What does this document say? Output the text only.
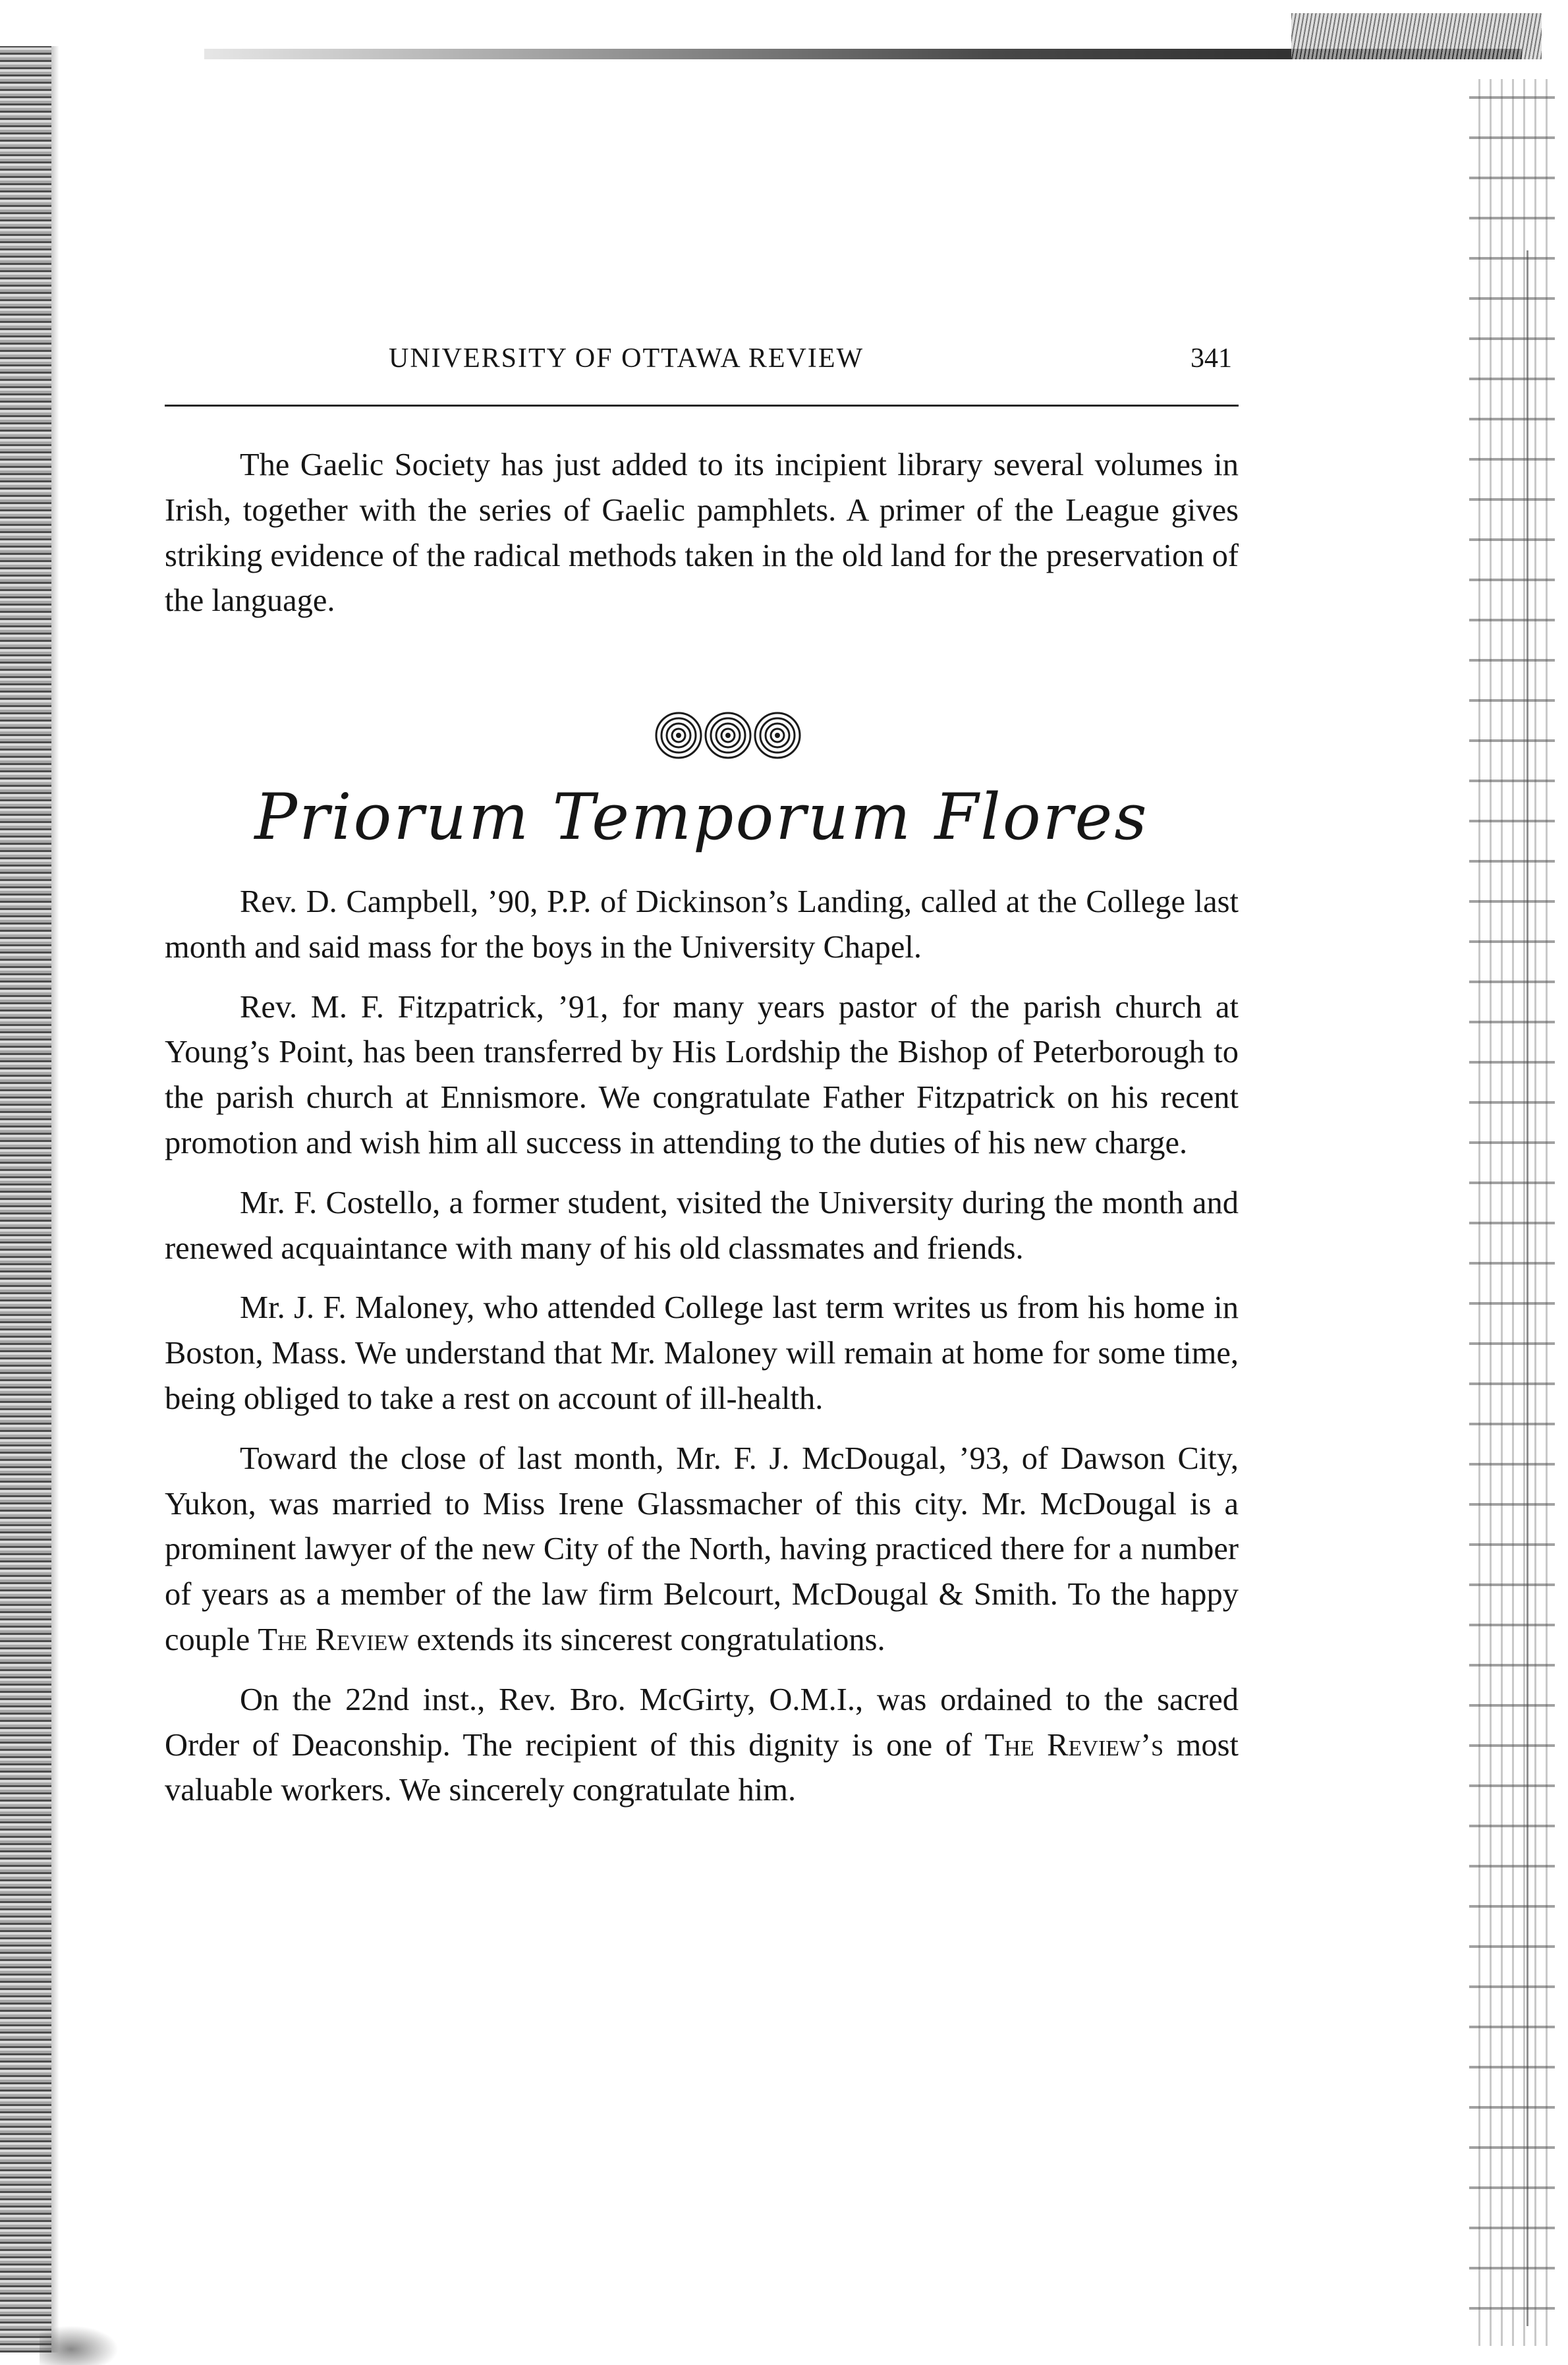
UNIVERSITY OF OTTAWA REVIEW	341

The Gaelic Society has just added to its incipient library several volumes in Irish, together with the series of Gaelic pamphlets. A primer of the League gives striking evidence of the radical methods taken in the old land for the preservation of the language.

Priorum Temporum Flores

Rev. D. Campbell, ’90, P.P. of Dickinson’s Landing, called at the College last month and said mass for the boys in the University Chapel.

Rev. M. F. Fitzpatrick, ’91, for many years pastor of the parish church at Young’s Point, has been transferred by His Lordship the Bishop of Peterborough to the parish church at Ennismore. We congratulate Father Fitzpatrick on his recent promotion and wish him all success in attending to the duties of his new charge.

Mr. F. Costello, a former student, visited the University during the month and renewed acquaintance with many of his old classmates and friends.

Mr. J. F. Maloney, who attended College last term writes us from his home in Boston, Mass. We understand that Mr. Maloney will remain at home for some time, being obliged to take a rest on account of ill-health.

Toward the close of last month, Mr. F. J. McDougal, ’93, of Dawson City, Yukon, was married to Miss Irene Glassmacher of this city. Mr. McDougal is a prominent lawyer of the new City of the North, having practiced there for a number of years as a member of the law firm Belcourt, McDougal & Smith. To the happy couple The Review extends its sincerest congratulations.

On the 22nd inst., Rev. Bro. McGirty, O.M.I., was ordained to the sacred Order of Deaconship. The recipient of this dignity is one of The Review’s most valuable workers. We sincerely congratulate him.
